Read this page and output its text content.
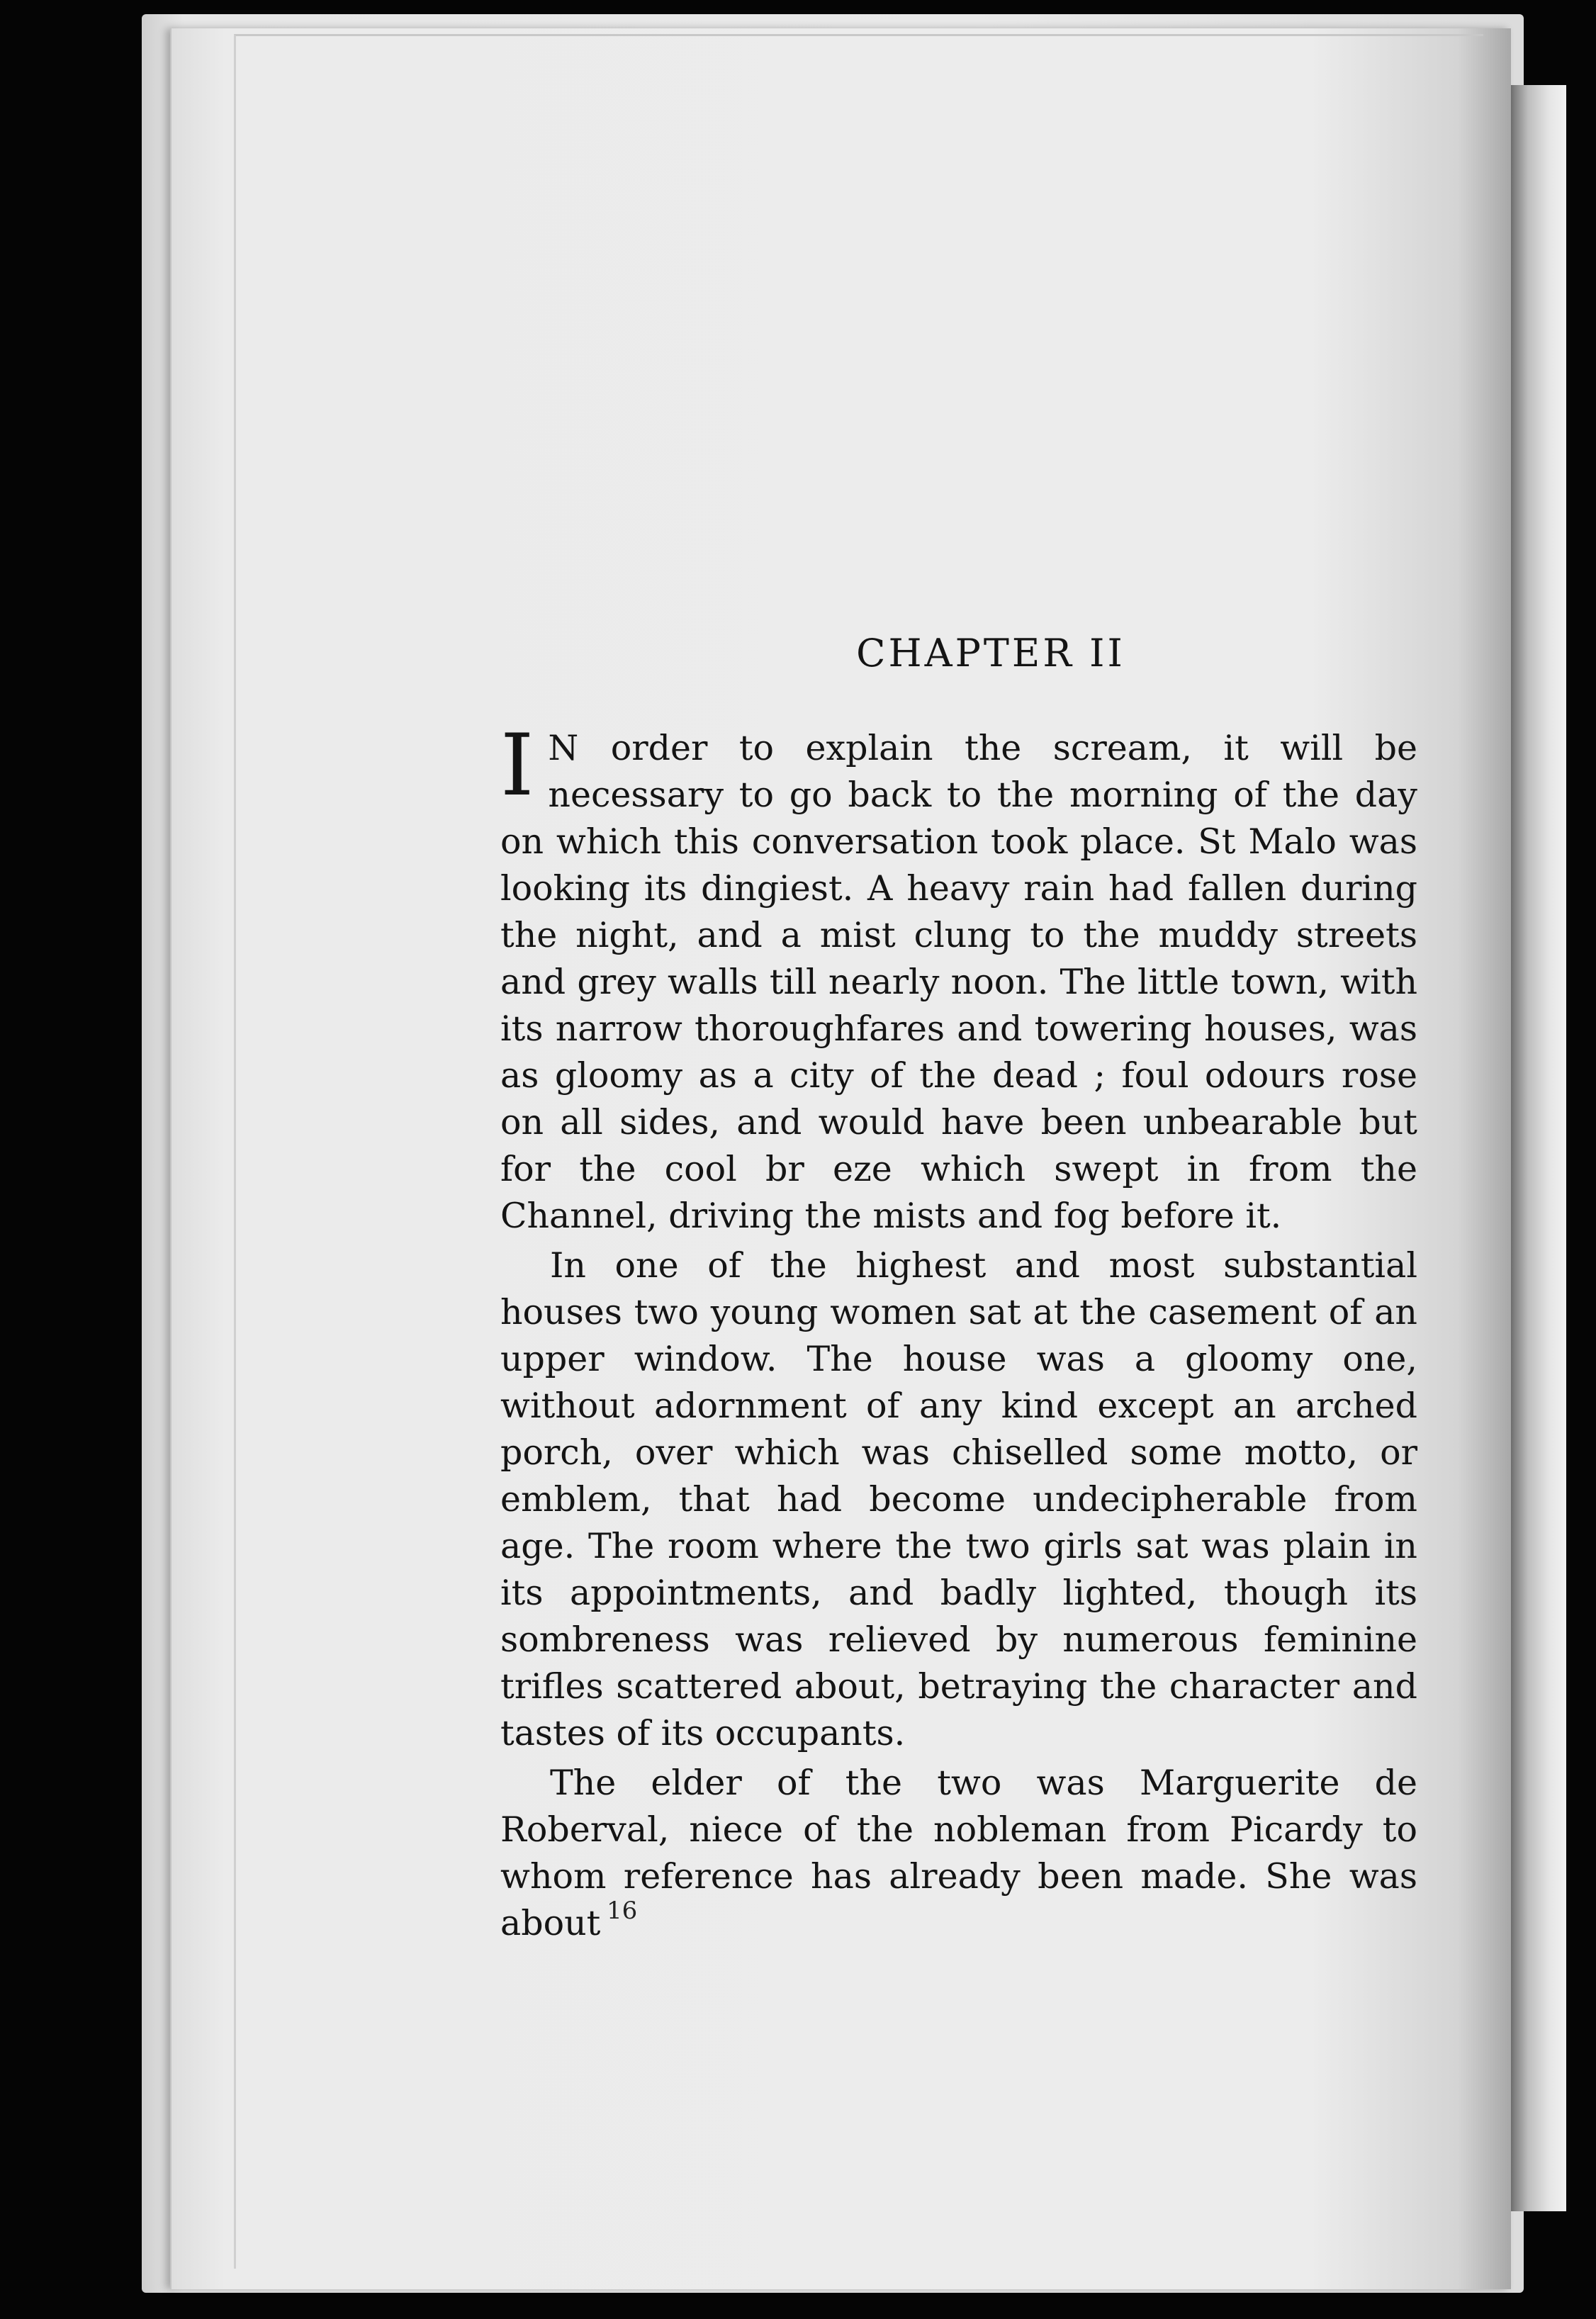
CHAPTER II

I N order to explain the scream, it will be necessary to go back to the morning of the day on which this conversation took place. St Malo was looking its dingiest. A heavy rain had fallen during the night, and a mist clung to the muddy streets and grey walls till nearly noon. The little town, with its narrow thoroughfares and towering houses, was as gloomy as a city of the dead ; foul odours rose on all sides, and would have been unbearable but for the cool br eze which swept in from the Channel, driving the mists and fog before it.

In one of the highest and most substantial houses two young women sat at the casement of an upper window. The house was a gloomy one, without adornment of any kind except an arched porch, over which was chiselled some motto, or emblem, that had become undecipherable from age. The room where the two girls sat was plain in its appointments, and badly lighted, though its sombreness was relieved by numerous feminine trifles scattered about, betraying the character and tastes of its occupants.

The elder of the two was Marguerite de Roberval, niece of the nobleman from Picardy to whom reference has already been made. She was about 16
